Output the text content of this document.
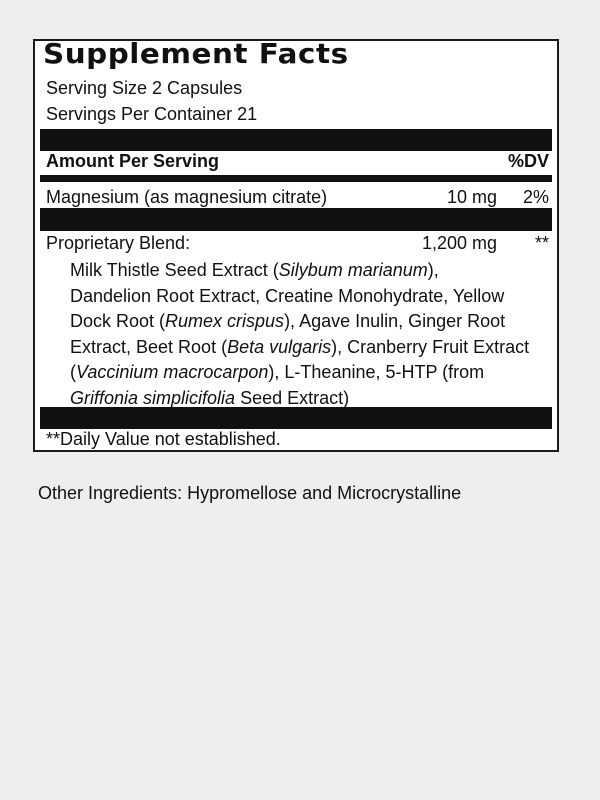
Supplement Facts
Serving Size 2 Capsules
Servings Per Container 21
Amount Per Serving	%DV
Magnesium (as magnesium citrate)	10 mg 2%
Proprietary Blend:	1,200 mg **
Milk Thistle Seed Extract (Silybum marianum),
Dandelion Root Extract, Creatine Monohydrate, Yellow
Dock Root (Rumex crispus), Agave Inulin, Ginger Root
Extract, Beet Root (Beta vulgaris), Cranberry Fruit Extract
(Vaccinium macrocarpon), L-Theanine, 5-HTP (from
Griffonia simplicifolia Seed Extract)
**Daily Value not established.
Other Ingredients: Hypromellose and Microcrystalline
